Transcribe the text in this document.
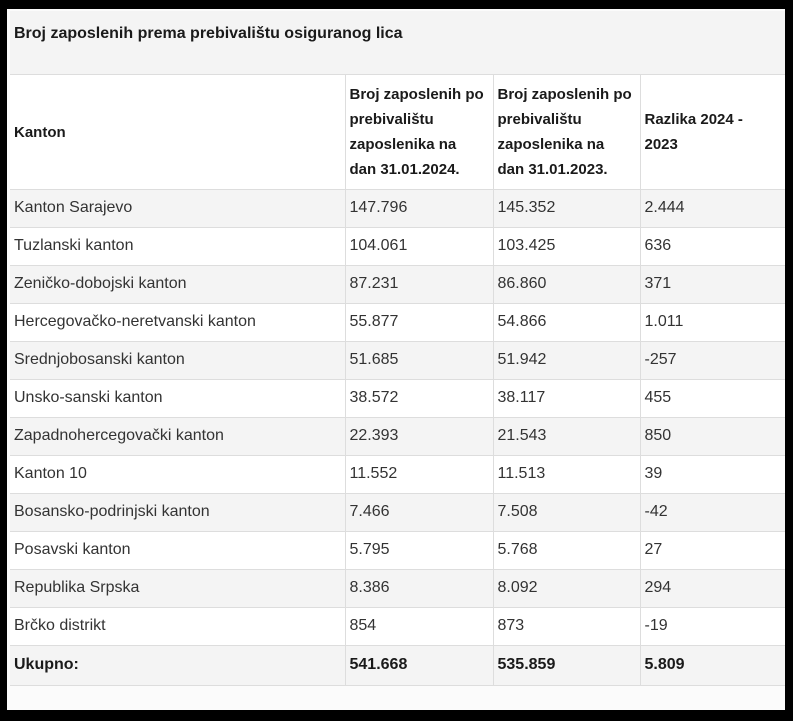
Broj zaposlenih prema prebivalištu osiguranog lica			
Kanton	Broj zaposlenih po prebivalištu zaposlenika na dan 31.01.2024.	Broj zaposlenih po prebivalištu zaposlenika na dan 31.01.2023.	Razlika 2024 - 2023
Kanton Sarajevo	147.796	145.352	2.444
Tuzlanski kanton	104.061	103.425	636
Zeničko-dobojski kanton	87.231	86.860	371
Hercegovačko-neretvanski kanton	55.877	54.866	1.011
Srednjobosanski kanton	51.685	51.942	-257
Unsko-sanski kanton	38.572	38.117	455
Zapadnohercegovački kanton	22.393	21.543	850
Kanton 10	11.552	11.513	39
Bosansko-podrinjski kanton	7.466	7.508	-42
Posavski kanton	5.795	5.768	27
Republika Srpska	8.386	8.092	294
Brčko distrikt	854	873	-19
Ukupno:	541.668	535.859	5.809
